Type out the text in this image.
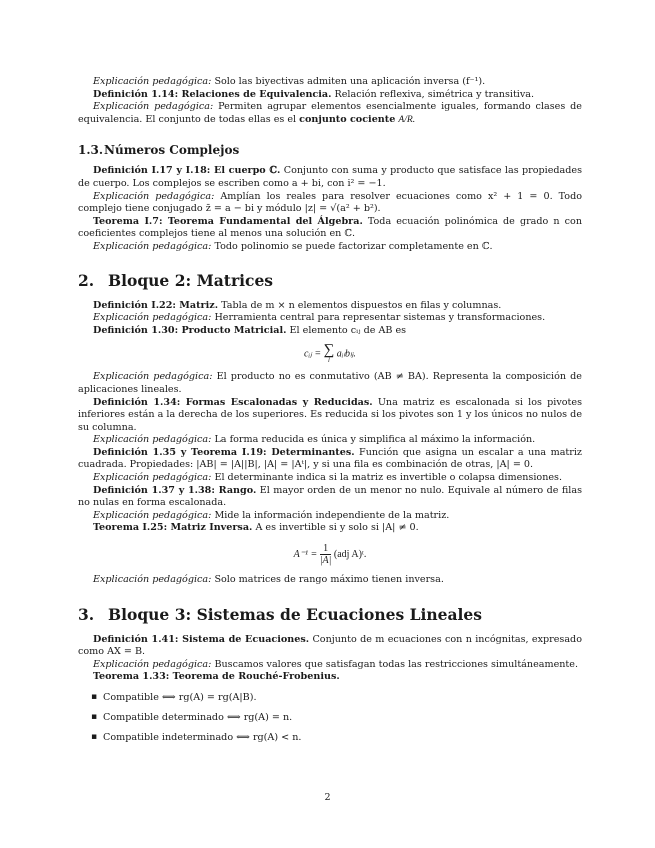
Explicación pedagógica: Solo las biyectivas admiten una aplicación inversa (f⁻¹).

Definición 1.14: Relaciones de Equivalencia. Relación reflexiva, simétrica y transitiva.

Explicación pedagógica: Permiten agrupar elementos esencialmente iguales, formando clases de equivalencia. El conjunto de todas ellas es el conjunto cociente A/R.

1.3.Números Complejos

Definición I.17 y I.18: El cuerpo ℂ. Conjunto con suma y producto que satisface las propiedades de cuerpo. Los complejos se escriben como a + bi, con i² = −1.

Explicación pedagógica: Amplían los reales para resolver ecuaciones como x² + 1 = 0. Todo complejo tiene conjugado z̄ = a − bi y módulo |z| = √(a² + b²).

Teorema I.7: Teorema Fundamental del Álgebra. Toda ecuación polinómica de grado n con coeficientes complejos tiene al menos una solución en ℂ.

Explicación pedagógica: Todo polinomio se puede factorizar completamente en ℂ.

2. Bloque 2: Matrices

Definición I.22: Matriz. Tabla de m × n elementos dispuestos en filas y columnas.

Explicación pedagógica: Herramienta central para representar sistemas y transformaciones.

Definición 1.30: Producto Matricial. El elemento cᵢⱼ de AB es

cᵢⱼ = ∑
l
aᵢₗbₗⱼ.

Explicación pedagógica: El producto no es conmutativo (AB ≠ BA). Representa la composición de aplicaciones lineales.

Definición 1.34: Formas Escalonadas y Reducidas. Una matriz es escalonada si los pivotes inferiores están a la derecha de los superiores. Es reducida si los pivotes son 1 y los únicos no nulos de su columna.

Explicación pedagógica: La forma reducida es única y simplifica al máximo la información.

Definición 1.35 y Teorema I.19: Determinantes. Función que asigna un escalar a una matriz cuadrada. Propiedades: |AB| = |A||B|, |A| = |Aᵗ|, y si una fila es combinación de otras, |A| = 0.

Explicación pedagógica: El determinante indica si la matriz es invertible o colapsa dimensiones.

Definición 1.37 y 1.38: Rango. El mayor orden de un menor no nulo. Equivale al número de filas no nulas en forma escalonada.

Explicación pedagógica: Mide la información independiente de la matriz.

Teorema I.25: Matriz Inversa. A es invertible si y solo si |A| ≠ 0.

$A^{-1} = \frac{1}{|A|} (adj$ A)ᵗ.

Explicación pedagógica: Solo matrices de rango máximo tienen inversa.

3. Bloque 3: Sistemas de Ecuaciones Lineales

Definición 1.41: Sistema de Ecuaciones. Conjunto de m ecuaciones con n incógnitas, expresado como AX = B.

Explicación pedagógica: Buscamos valores que satisfagan todas las restricciones simultáneamente.

Teorema 1.33: Teorema de Rouché-Frobenius.

▪ Compatible ⟺ rg(A) = rg(A|B).
▪ Compatible determinado ⟺ rg(A) = n.
▪ Compatible indeterminado ⟺ rg(A) < n.
2
